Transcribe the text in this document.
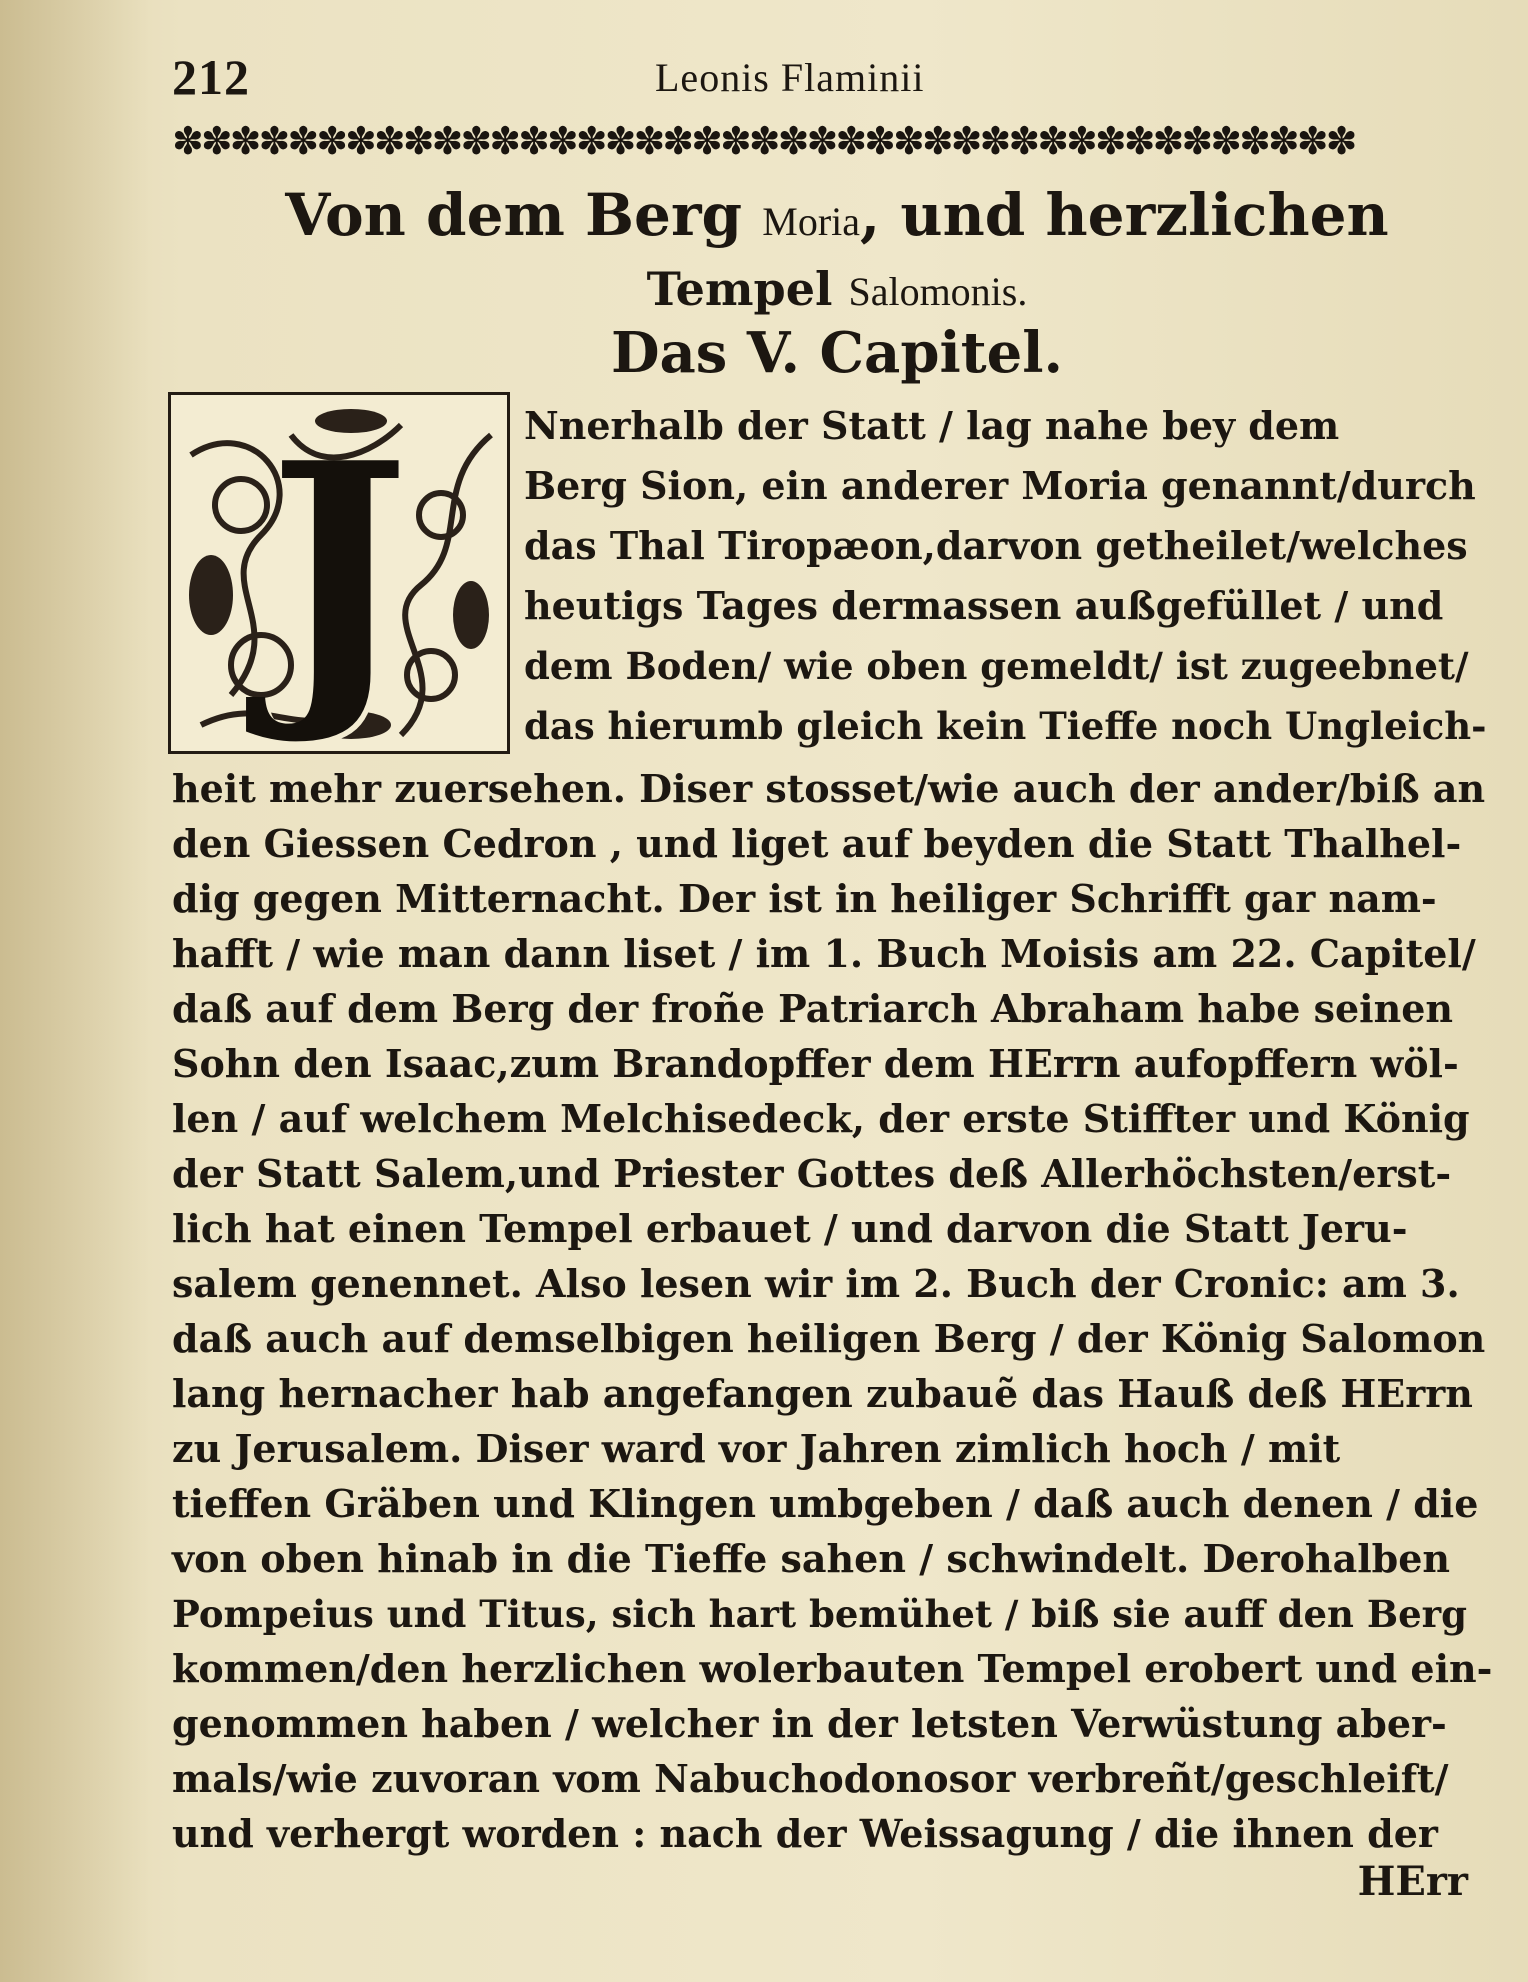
212	Leonis Flaminii
✽✽✽✽✽✽✽✽✽✽✽✽✽✽✽✽✽✽✽✽✽✽✽✽✽✽✽✽✽✽✽✽✽✽✽✽✽✽✽✽✽
Von dem Berg Moria, und herzlichen
Tempel Salomonis.
Das V. Capitel.
J	Nnerhalb der Statt / lag nahe bey dem
Berg Sion, ein anderer Moria genannt/durch
das Thal Tiropæon,darvon getheilet/welches
heutigs Tages dermassen außgefüllet / und
dem Boden/ wie oben gemeldt/ ist zugeebnet/
das hierumb gleich kein Tieffe noch Ungleich-
heit mehr zuersehen. Diser stosset/wie auch der ander/biß an
den Giessen Cedron , und liget auf beyden die Statt Thalhel-
dig gegen Mitternacht. Der ist in heiliger Schrifft gar nam-
hafft / wie man dann liset / im 1. Buch Moisis am 22. Capitel/
daß auf dem Berg der froñe Patriarch Abraham habe seinen
Sohn den Isaac,zum Brandopffer dem HErrn aufopffern wöl-
len / auf welchem Melchisedeck, der erste Stiffter und König
der Statt Salem,und Priester Gottes deß Allerhöchsten/erst-
lich hat einen Tempel erbauet / und darvon die Statt Jeru-
salem genennet. Also lesen wir im 2. Buch der Cronic: am 3.
daß auch auf demselbigen heiligen Berg / der König Salomon
lang hernacher hab angefangen zubauẽ das Hauß deß HErrn
zu Jerusalem. Diser ward vor Jahren zimlich hoch / mit
tieffen Gräben und Klingen umbgeben / daß auch denen / die
von oben hinab in die Tieffe sahen / schwindelt. Derohalben
Pompeius und Titus, sich hart bemühet / biß sie auff den Berg
kommen/den herzlichen wolerbauten Tempel erobert und ein-
genommen haben / welcher in der letsten Verwüstung aber-
mals/wie zuvoran vom Nabuchodonosor verbreñt/geschleift/
und verhergt worden : nach der Weissagung / die ihnen der
HErr
